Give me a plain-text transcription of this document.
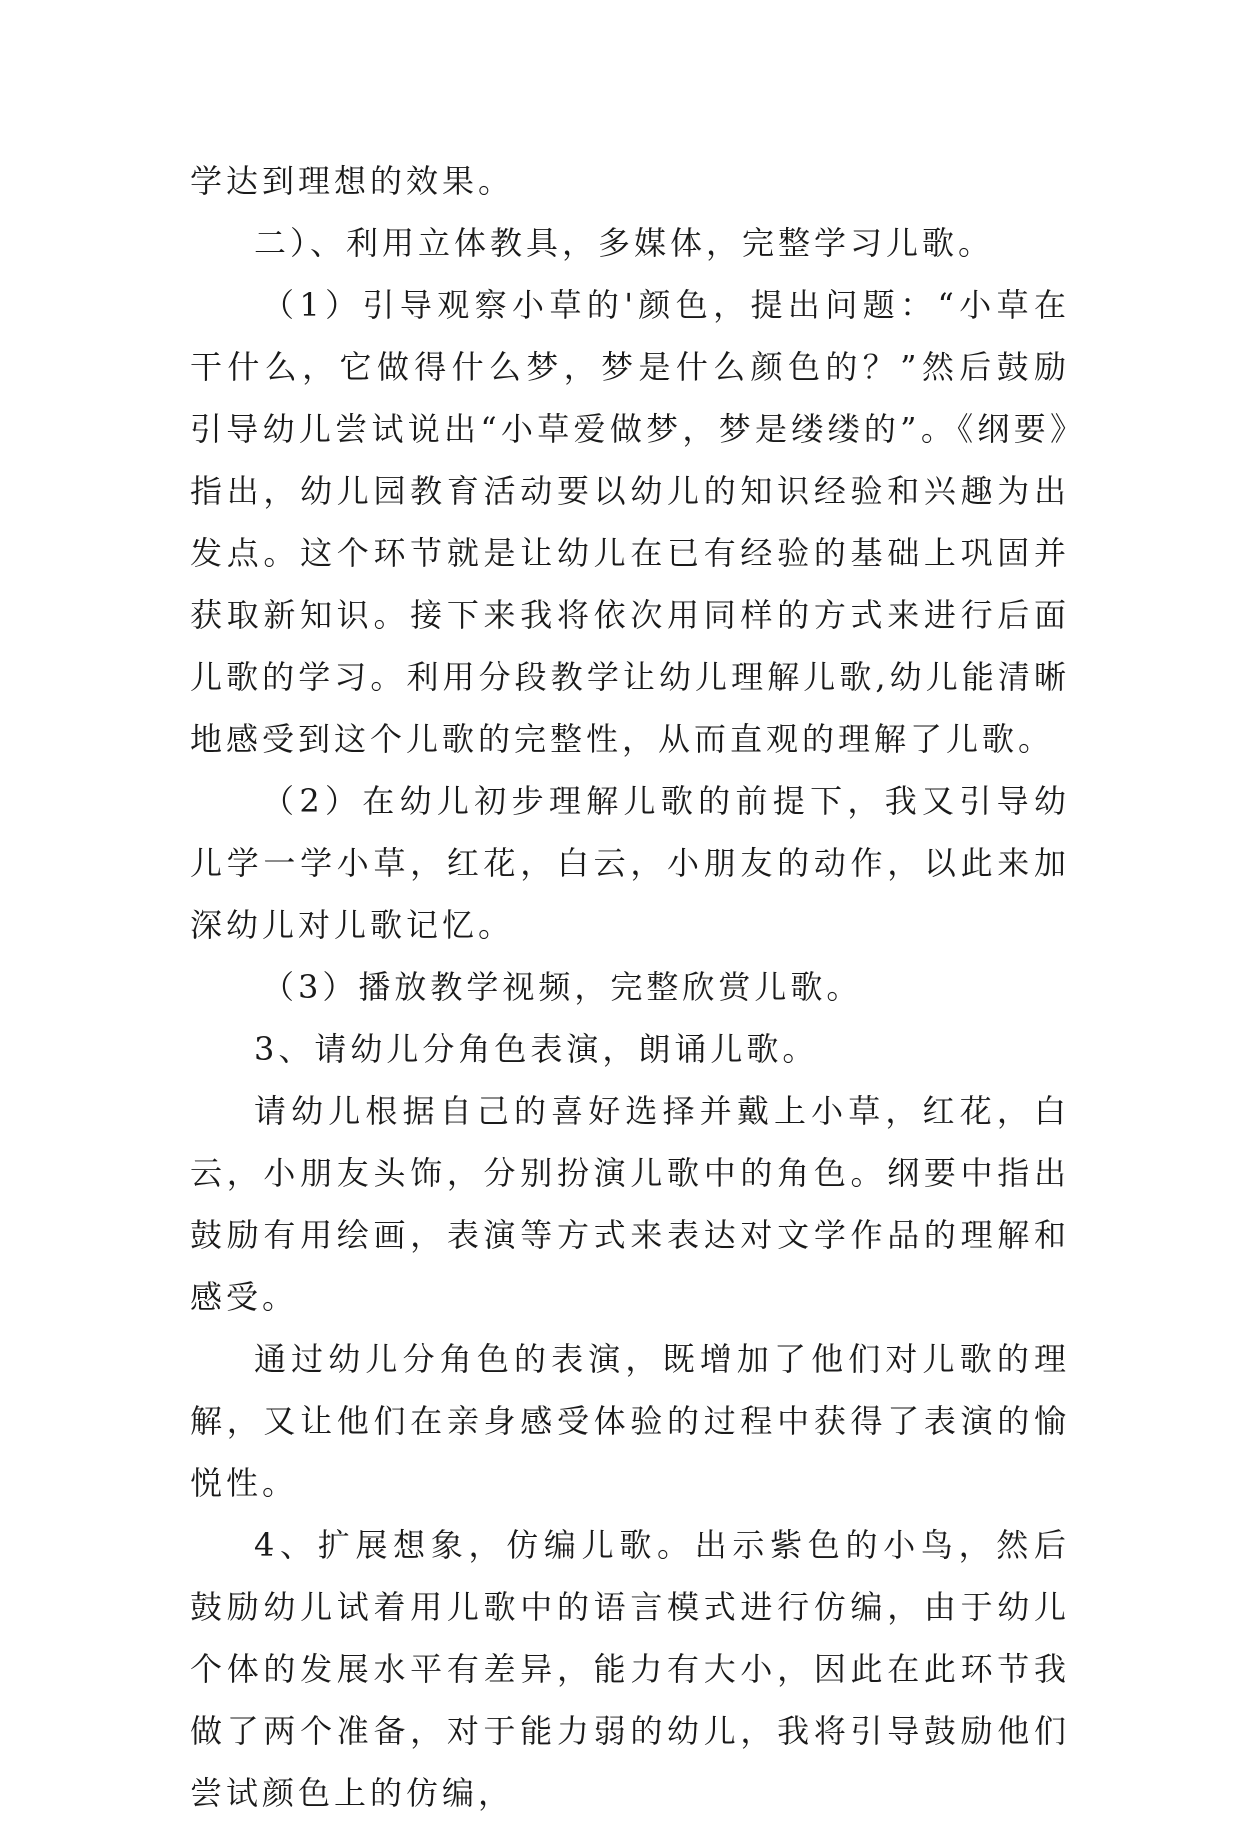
学达到理想的效果。

二）、利用立体教具，多媒体，完整学习儿歌。

（1）引导观察小草的'颜色，提出问题：“小草在干什么，它做得什么梦，梦是什么颜色的？”然后鼓励引导幼儿尝试说出“小草爱做梦，梦是缕缕的”。《纲要》指出，幼儿园教育活动要以幼儿的知识经验和兴趣为出发点。这个环节就是让幼儿在已有经验的基础上巩固并获取新知识。接下来我将依次用同样的方式来进行后面儿歌的学习。利用分段教学让幼儿理解儿歌,幼儿能清晰地感受到这个儿歌的完整性，从而直观的理解了儿歌。

（2）在幼儿初步理解儿歌的前提下，我又引导幼儿学一学小草，红花，白云，小朋友的动作，以此来加深幼儿对儿歌记忆。

（3）播放教学视频，完整欣赏儿歌。

3、请幼儿分角色表演，朗诵儿歌。

请幼儿根据自己的喜好选择并戴上小草，红花，白云，小朋友头饰，分别扮演儿歌中的角色。纲要中指出鼓励有用绘画，表演等方式来表达对文学作品的理解和感受。

通过幼儿分角色的表演，既增加了他们对儿歌的理解，又让他们在亲身感受体验的过程中获得了表演的愉悦性。

4、扩展想象，仿编儿歌。出示紫色的小鸟，然后鼓励幼儿试着用儿歌中的语言模式进行仿编，由于幼儿个体的发展水平有差异，能力有大小，因此在此环节我做了两个准备，对于能力弱的幼儿，我将引导鼓励他们尝试颜色上的仿编，
